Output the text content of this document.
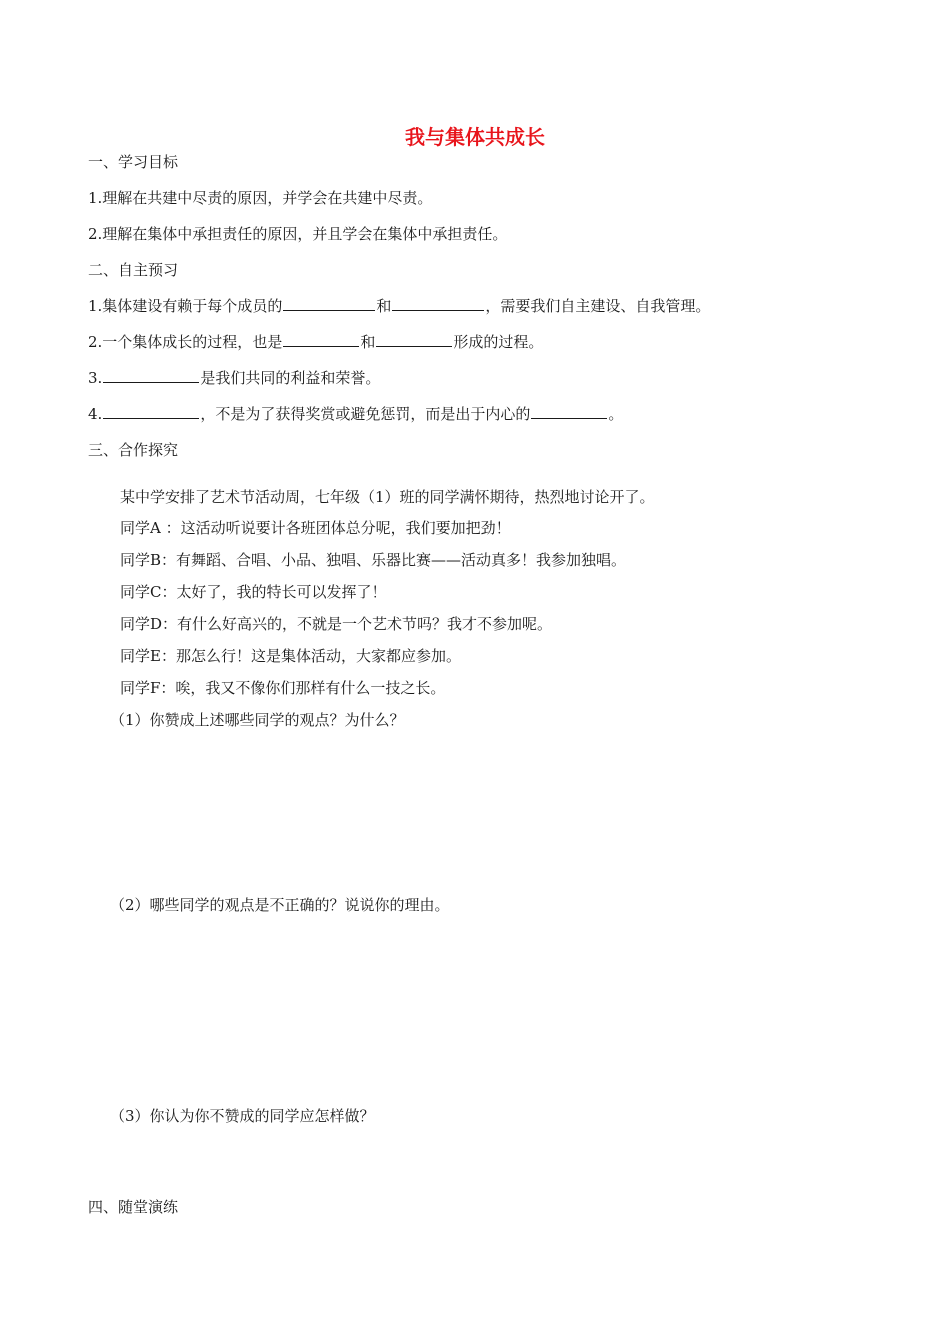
我与集体共成长
一、学习目标
1.理解在共建中尽责的原因，并学会在共建中尽责。
2.理解在集体中承担责任的原因，并且学会在集体中承担责任。
二、自主预习
1.集体建设有赖于每个成员的	和	，需要我们自主建设、自我管理。
2.一个集体成长的过程，也是	和	形成的过程。
3.	是我们共同的利益和荣誉。
4.	，不是为了获得奖赏或避免惩罚，而是出于内心的	。
三、合作探究
某中学安排了艺术节活动周，七年级（1）班的同学满怀期待，热烈地讨论开了。
同学A ：这活动听说要计各班团体总分呢，我们要加把劲！
同学B：有舞蹈、合唱、小品、独唱、乐器比赛——活动真多！我参加独唱。
同学C：太好了，我的特长可以发挥了！
同学D：有什么好高兴的，不就是一个艺术节吗？我才不参加呢。
同学E：那怎么行！这是集体活动，大家都应参加。
同学F：唉，我又不像你们那样有什么一技之长。
（1）你赞成上述哪些同学的观点？为什么？
（2）哪些同学的观点是不正确的？说说你的理由。
（3）你认为你不赞成的同学应怎样做？
四、随堂演练
